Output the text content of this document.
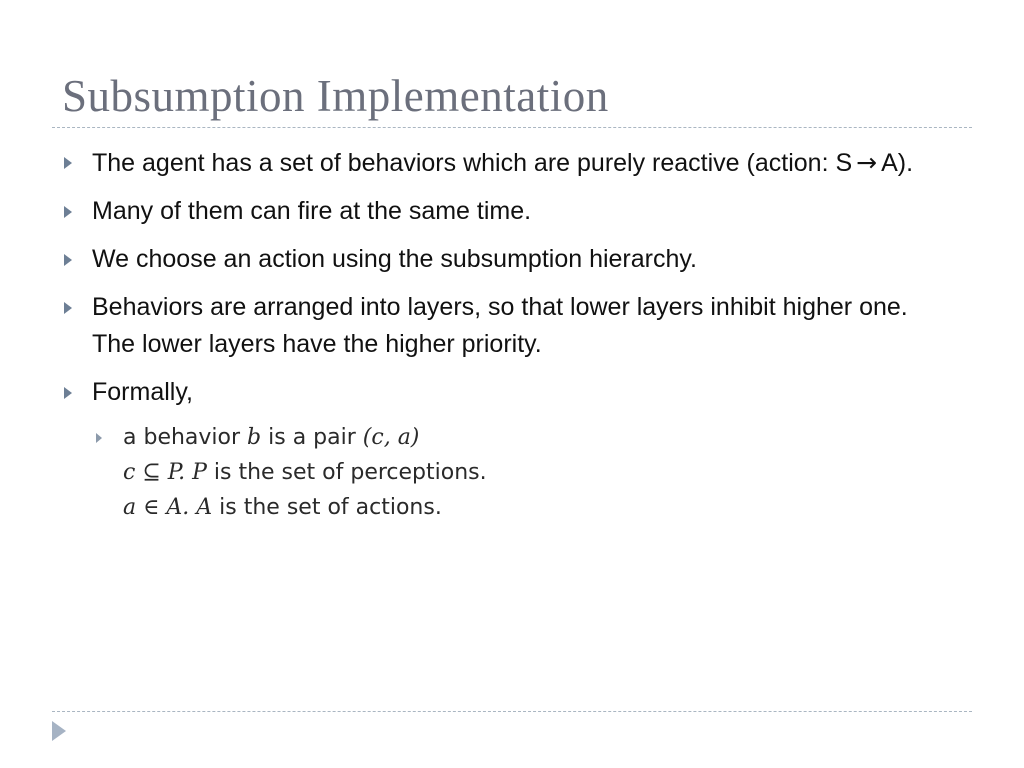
Subsumption Implementation
The agent has a set of behaviors which are purely reactive (action: S → A).
Many of them can fire at the same time.
We choose an action using the subsumption hierarchy.
Behaviors are arranged into layers, so that lower layers inhibit higher one. The lower layers have the higher priority.
Formally,
a behavior b is a pair (c, a)
c ⊆ P. P is the set of perceptions.
a ∈ A. A is the set of actions.
